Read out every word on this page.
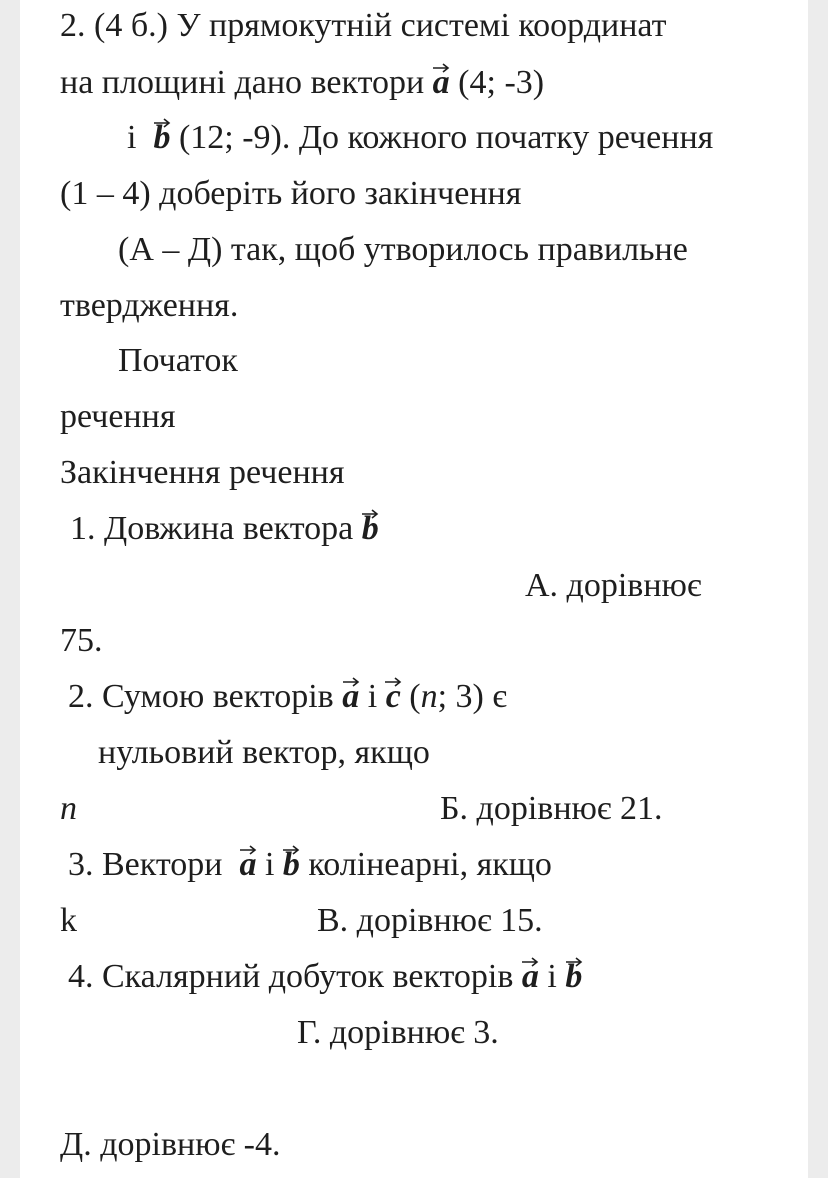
2. (4 б.) У прямокутній системі координат
на площині дано вектори a (4; -3)
і b (12; -9). До кожного початку речення
(1 – 4) доберіть його закінчення
(А – Д) так, щоб утворилось правильне
твердження.
Початок
речення
Закінчення речення
1. Довжина вектора b
А. дорівнює
75.
2. Сумою векторів a і c (n; 3) є
нульовий вектор, якщо
n	Б. дорівнює 21.
3. Вектори a і b колінеарні, якщо
k	В. дорівнює 15.
4. Скалярний добуток векторів a і b
Г. дорівнює 3.
Д. дорівнює -4.
